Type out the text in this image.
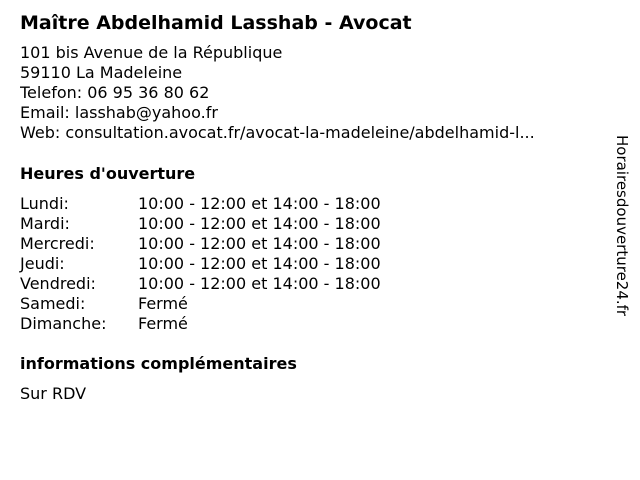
Maître Abdelhamid Lasshab - Avocat
101 bis Avenue de la République
59110 La Madeleine
Telefon: 06 95 36 80 62
Email: lasshab@yahoo.fr
Web: consultation.avocat.fr/avocat-la-madeleine/abdelhamid-l...
Heures d'ouverture
Lundi:	10:00 - 12:00 et 14:00 - 18:00
Mardi:	10:00 - 12:00 et 14:00 - 18:00
Mercredi:	10:00 - 12:00 et 14:00 - 18:00
Jeudi:	10:00 - 12:00 et 14:00 - 18:00
Vendredi:	10:00 - 12:00 et 14:00 - 18:00
Samedi:	Fermé
Dimanche:	Fermé
informations complémentaires
Sur RDV
Horairesdouverture24.fr
